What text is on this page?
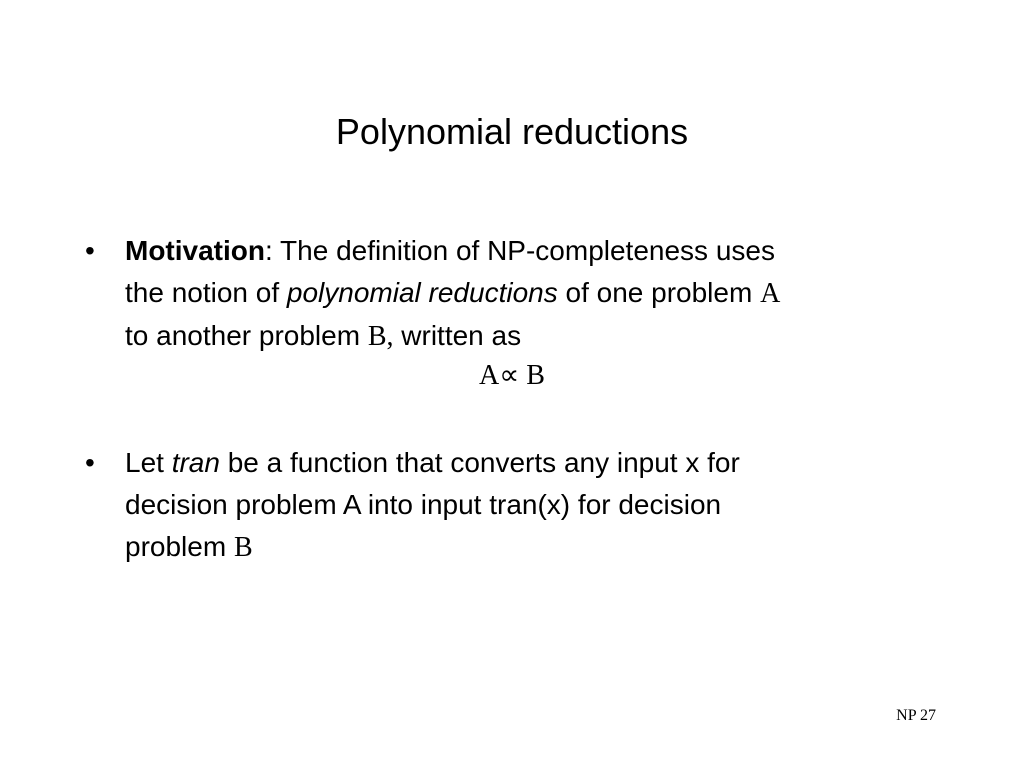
Polynomial reductions
•	Motivation: The definition of NP-completeness uses
the notion of polynomial reductions of one problem A
to another problem B, written as
A∝ B
•	Let tran be a function that converts any input x for
decision problem A into input tran(x) for decision
problem B
NP 27
